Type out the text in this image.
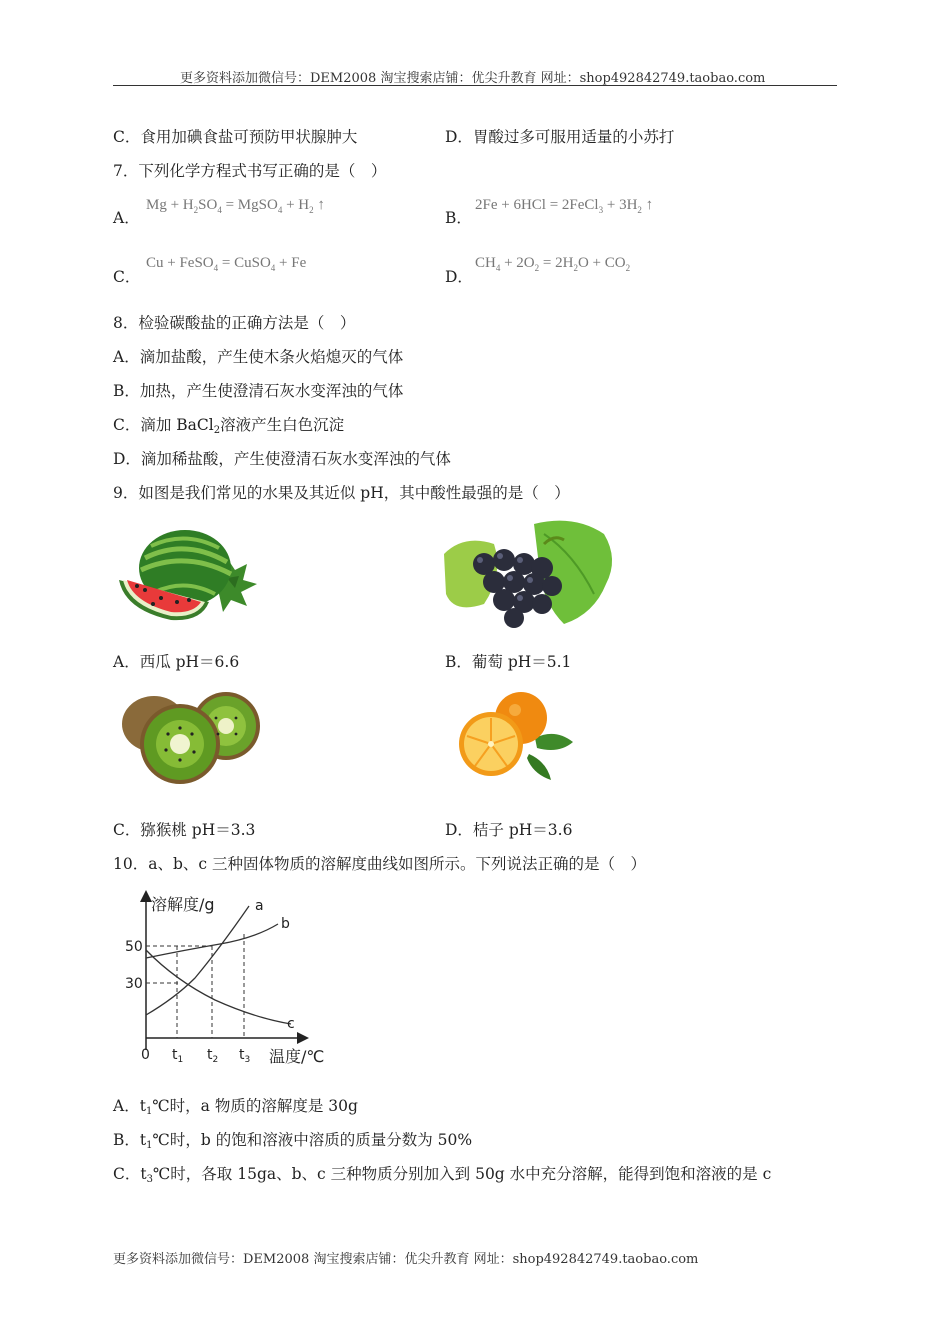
更多资料添加微信号：DEM2008 淘宝搜索店铺：优尖升教育 网址：shop492842749.taobao.com
C．食用加碘食盐可预防甲状腺肿大	D．胃酸过多可服用适量的小苏打
7．下列化学方程式书写正确的是（　）
A．
$Mg + H_2SO_4$ = MgSO$_4$ + $H_2$ ↑
B．
2Fe + 6HCl = 2FeCl$_3$ + $3H_2$ ↑
C．
Cu + FeSO$_4$ = CuSO$_4$ + Fe
D．
$CH_4 + 2O_2 = 2H_2O + CO_2$
8．检验碳酸盐的正确方法是（　）
A．滴加盐酸，产生使木条火焰熄灭的气体
B．加热，产生使澄清石灰水变浑浊的气体
C．滴加 BaCl$_2$溶液产生白色沉淀
D．滴加稀盐酸，产生使澄清石灰水变浑浊的气体
9．如图是我们常见的水果及其近似 pH，其中酸性最强的是（　）
A．西瓜 pH＝6.6	B．葡萄 pH＝5.1
C．猕猴桃 pH＝3.3	D．桔子 pH＝3.6
10．a、b、c 三种固体物质的溶解度曲线如图所示。下列说法正确的是（　）
溶解度/g
温度/℃
50
30
0 $t_1$ $t_2$ $t_3$
a
b
c
A．$t_1℃$时，a 物质的溶解度是 30g
B．$t_1℃$时，b 的饱和溶液中溶质的质量分数为 50%
C．$t_3℃$时，各取 15ga、b、c 三种物质分别加入到 50g 水中充分溶解，能得到饱和溶液的是 c
更多资料添加微信号：DEM2008 淘宝搜索店铺：优尖升教育 网址：shop492842749.taobao.com
